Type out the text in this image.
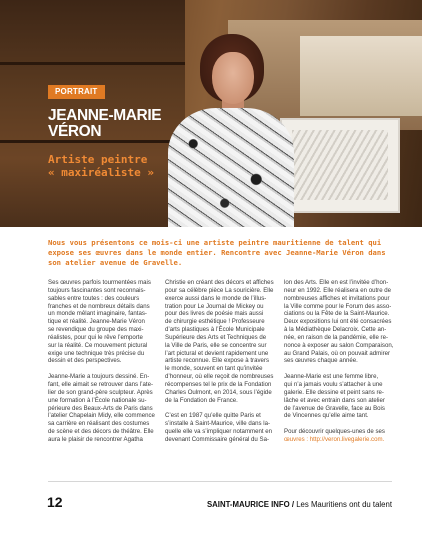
PORTRAIT
JEANNE-MARIE
VÉRON
Artiste peintre
« maxiréaliste »
Nous vous présentons ce mois-ci une artiste peintre mauritienne de talent qui
expose ses œuvres dans le monde entier. Rencontre avec Jeanne-Marie Véron dans
son atelier avenue de Gravelle.
Ses œuvres parfois tourmentées mais
toujours fascinantes sont reconnais-
sables entre toutes : des couleurs
franches et de nombreux détails dans
un monde mêlant imaginaire, fantas-
tique et réalité. Jeanne-Marie Véron
se revendique du groupe des maxi-
réalistes, pour qui le rêve l’emporte
sur la réalité. Ce mouvement pictural
exige une technique très précise du
dessin et des perspectives.
Jeanne-Marie a toujours dessiné. En-
fant, elle aimait se retrouver dans l’ate-
lier de son grand-père sculpteur. Après
une formation à l’École nationale su-
périeure des Beaux-Arts de Paris dans
l’atelier Chapelain Midy, elle commence
sa carrière en réalisant des costumes
de scène et des décors de théâtre. Elle
aura le plaisir de rencontrer Agatha
Christie en créant des décors et affiches
pour sa célèbre pièce La souricière. Elle
exerce aussi dans le monde de l’illus-
tration pour Le Journal de Mickey ou
pour des livres de poésie mais aussi
de chirurgie esthétique ! Professeure
d’arts plastiques à l’École Municipale
Supérieure des Arts et Techniques de
la Ville de Paris, elle se concentre sur
l’art pictural et devient rapidement une
artiste reconnue. Elle expose à travers
le monde, souvent en tant qu’invitée
d’honneur, où elle reçoit de nombreuses
récompenses tel le prix de la Fondation
Charles Oulmont, en 2014, sous l’égide
de la Fondation de France.
C’est en 1987 qu’elle quitte Paris et
s’installe à Saint-Maurice, ville dans la-
quelle elle va s’impliquer notamment en
devenant Commissaire général du Sa-
lon des Arts. Elle en est l’invitée d’hon-
neur en 1992. Elle réalisera en outre de
nombreuses affiches et invitations pour
la Ville comme pour le Forum des asso-
ciations ou la Fête de la Saint-Maurice.
Deux expositions lui ont été consacrées
à la Médiathèque Delacroix. Cette an-
née, en raison de la pandémie, elle re-
nonce à exposer au salon Comparaison,
au Grand Palais, où on pouvait admirer
ses œuvres chaque année.
Jeanne-Marie est une femme libre,
qui n’a jamais voulu s’attacher à une
galerie. Elle dessine et peint sans re-
lâche et avec entrain dans son atelier
de l’avenue de Gravelle, face au Bois
de Vincennes qu’elle aime tant.
Pour découvrir quelques-unes de ses
œuvres : http://veron.livegalerie.com.
12	SAINT-MAURICE INFO / Les Mauritiens ont du talent
